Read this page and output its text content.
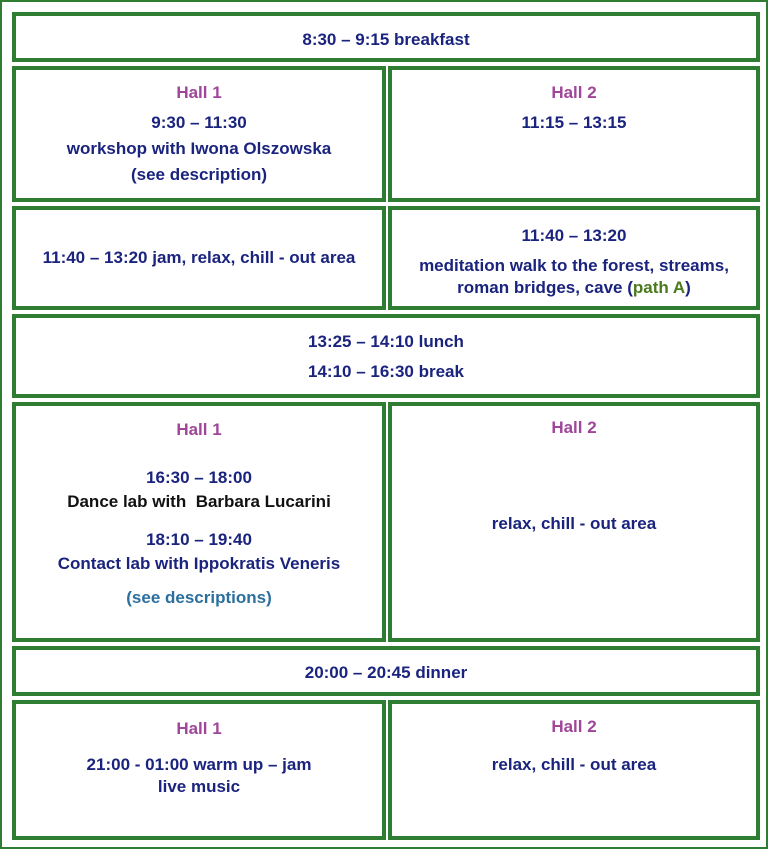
8:30 – 9:15 breakfast
Hall 1
9:30 – 11:30
workshop with Iwona Olszowska
(see description)
Hall 2
11:15 – 13:15
11:40 – 13:20 jam, relax, chill - out area
11:40 – 13:20
meditation walk to the forest, streams,
roman bridges, cave (path A)
13:25 – 14:10 lunch
14:10 – 16:30 break
Hall 1
16:30 – 18:00
Dance lab with Barbara Lucarini
18:10 – 19:40
Contact lab with Ippokratis Veneris
(see descriptions)
Hall 2
relax, chill - out area
20:00 – 20:45 dinner
Hall 1
21:00 - 01:00 warm up – jam
live music
Hall 2
relax, chill - out area
